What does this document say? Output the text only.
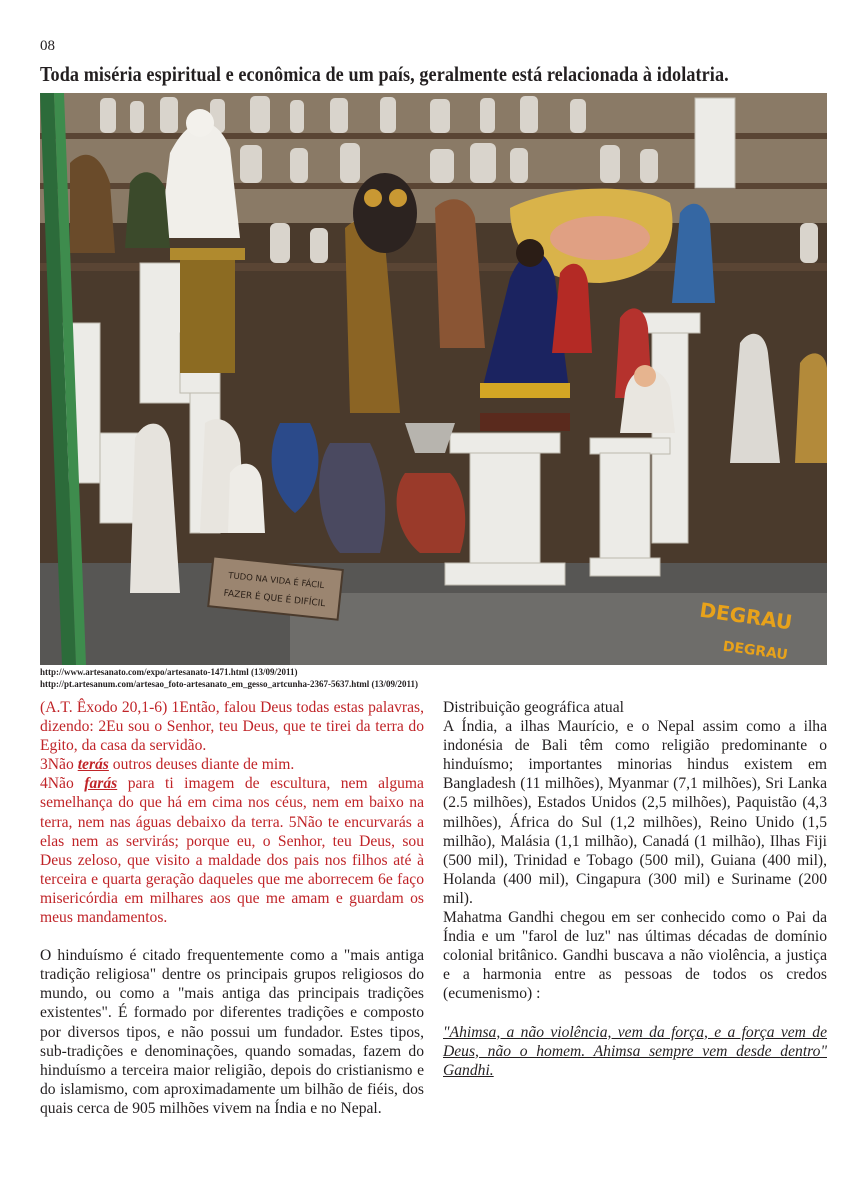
08
Toda miséria espiritual e econômica de um país, geralmente está relacionada à idolatria.
TUDO NA VIDA É FÁCIL
FAZER É QUE É DIFÍCIL	DEGRAU
DEGRAU
http://www.artesanato.com/expo/artesanato-1471.html (13/09/2011)
http://pt.artesanum.com/artesao_foto-artesanato_em_gesso_artcunha-2367-5637.html (13/09/2011)

(A.T. Êxodo 20,1-6) 1Então, falou Deus todas estas palavras, dizendo: 2Eu sou o Senhor, teu Deus, que te tirei da terra do Egito, da casa da servidão.

3Não terás outros deuses diante de mim.

4Não farás para ti imagem de escultura, nem alguma semelhança do que há em cima nos céus, nem em baixo na terra, nem nas águas debaixo da terra. 5Não te encurvarás a elas nem as servirás; porque eu, o Senhor, teu Deus, sou Deus zeloso, que visito a maldade dos pais nos filhos até à terceira e quarta geração daqueles que me aborrecem 6e faço misericórdia em milhares aos que me amam e guardam os meus mandamentos.

O hinduísmo é citado frequentemente como a "mais antiga tradição religiosa" dentre os principais grupos religiosos do mundo, ou como a "mais antiga das principais tradições existentes". É formado por diferentes tradições e composto por diversos tipos, e não possui um fundador. Estes tipos, sub-tradições e denominações, quando somadas, fazem do hinduísmo a terceira maior religião, depois do cristianismo e do islamismo, com aproximadamente um bilhão de fiéis, dos quais cerca de 905 milhões vivem na Índia e no Nepal.

Distribuição geográfica atual

A Índia, a ilhas Maurício, e o Nepal assim como a ilha indonésia de Bali têm como religião predominante o hinduísmo; importantes minorias hindus existem em Bangladesh (11 milhões), Myanmar (7,1 milhões), Sri Lanka (2.5 milhões), Estados Unidos (2,5 milhões), Paquistão (4,3 milhões), África do Sul (1,2 milhões), Reino Unido (1,5 milhão), Malásia (1,1 milhão), Canadá (1 milhão), Ilhas Fiji (500 mil), Trinidad e Tobago (500 mil), Guiana (400 mil), Holanda (400 mil), Cingapura (300 mil) e Suriname (200 mil).

Mahatma Gandhi chegou em ser conhecido como o Pai da Índia e um "farol de luz" nas últimas décadas de domínio colonial britânico. Gandhi buscava a não violência, a justiça e a harmonia entre as pessoas de todos os credos (ecumenismo) :

"Ahimsa, a não violência, vem da força, e a força vem de Deus, não o homem. Ahimsa sempre vem desde dentro" Gandhi.
